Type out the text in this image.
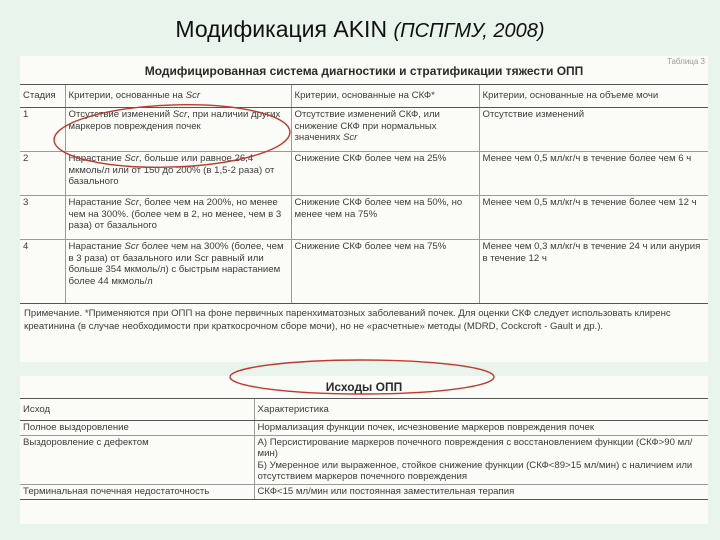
Модификация AKIN (ПСПГМУ, 2008)
Таблица 3
Модифицированная система диагностики и стратификации тяжести ОПП
Стадия	Критерии, основанные на Scr	Критерии, основанные на СКФ*	Критерии, основанные на объеме мочи
1	Отсутствие изменений Scr, при наличии других маркеров повреждения почек	Отсутствие изменений СКФ, или снижение СКФ при нормальных значениях Scr	Отсутствие изменений
2	Нарастание Scr, больше или равное 26,4 мкмоль/л или от 150 до 200% (в 1,5-2 раза) от базального	Снижение СКФ более чем на 25%	Менее чем 0,5 мл/кг/ч в течение более чем 6 ч
3	Нарастание Scr, более чем на 200%, но менее чем на 300%. (более чем в 2, но менее, чем в 3 раза) от базального	Снижение СКФ более чем на 50%, но менее чем на 75%	Менее чем 0,5 мл/кг/ч в течение более чем 12 ч
4	Нарастание Scr более чем на 300% (более, чем в 3 раза) от базального или Scr равный или больше 354 мкмоль/л) с быстрым нарастанием более 44 мкмоль/л	Снижение СКФ более чем на 75%	Менее чем 0,3 мл/кг/ч в течение 24 ч или анурия в течение 12 ч
Примечание. *Применяются при ОПП на фоне первичных паренхиматозных заболеваний почек. Для оценки СКФ следует использовать клиренс креатинина (в случае необходимости при краткосрочном сборе мочи), но не «расчетные» методы (MDRD, Cockcroft - Gault и др.).
Исходы ОПП
Исход	Характеристика
Полное выздоровление	Нормализация функции почек, исчезновение маркеров повреждения почек
Выздоровление с дефектом	А) Персистирование маркеров почечного повреждения с восстановлением функции (СКФ>90 мл/мин)
Б) Умеренное или выраженное, стойкое снижение функции (СКФ<89>15 мл/мин) с наличием или отсутствием маркеров почечного повреждения

Терминальная почечная недостаточность	СКФ<15 мл/мин или постоянная заместительная терапия
